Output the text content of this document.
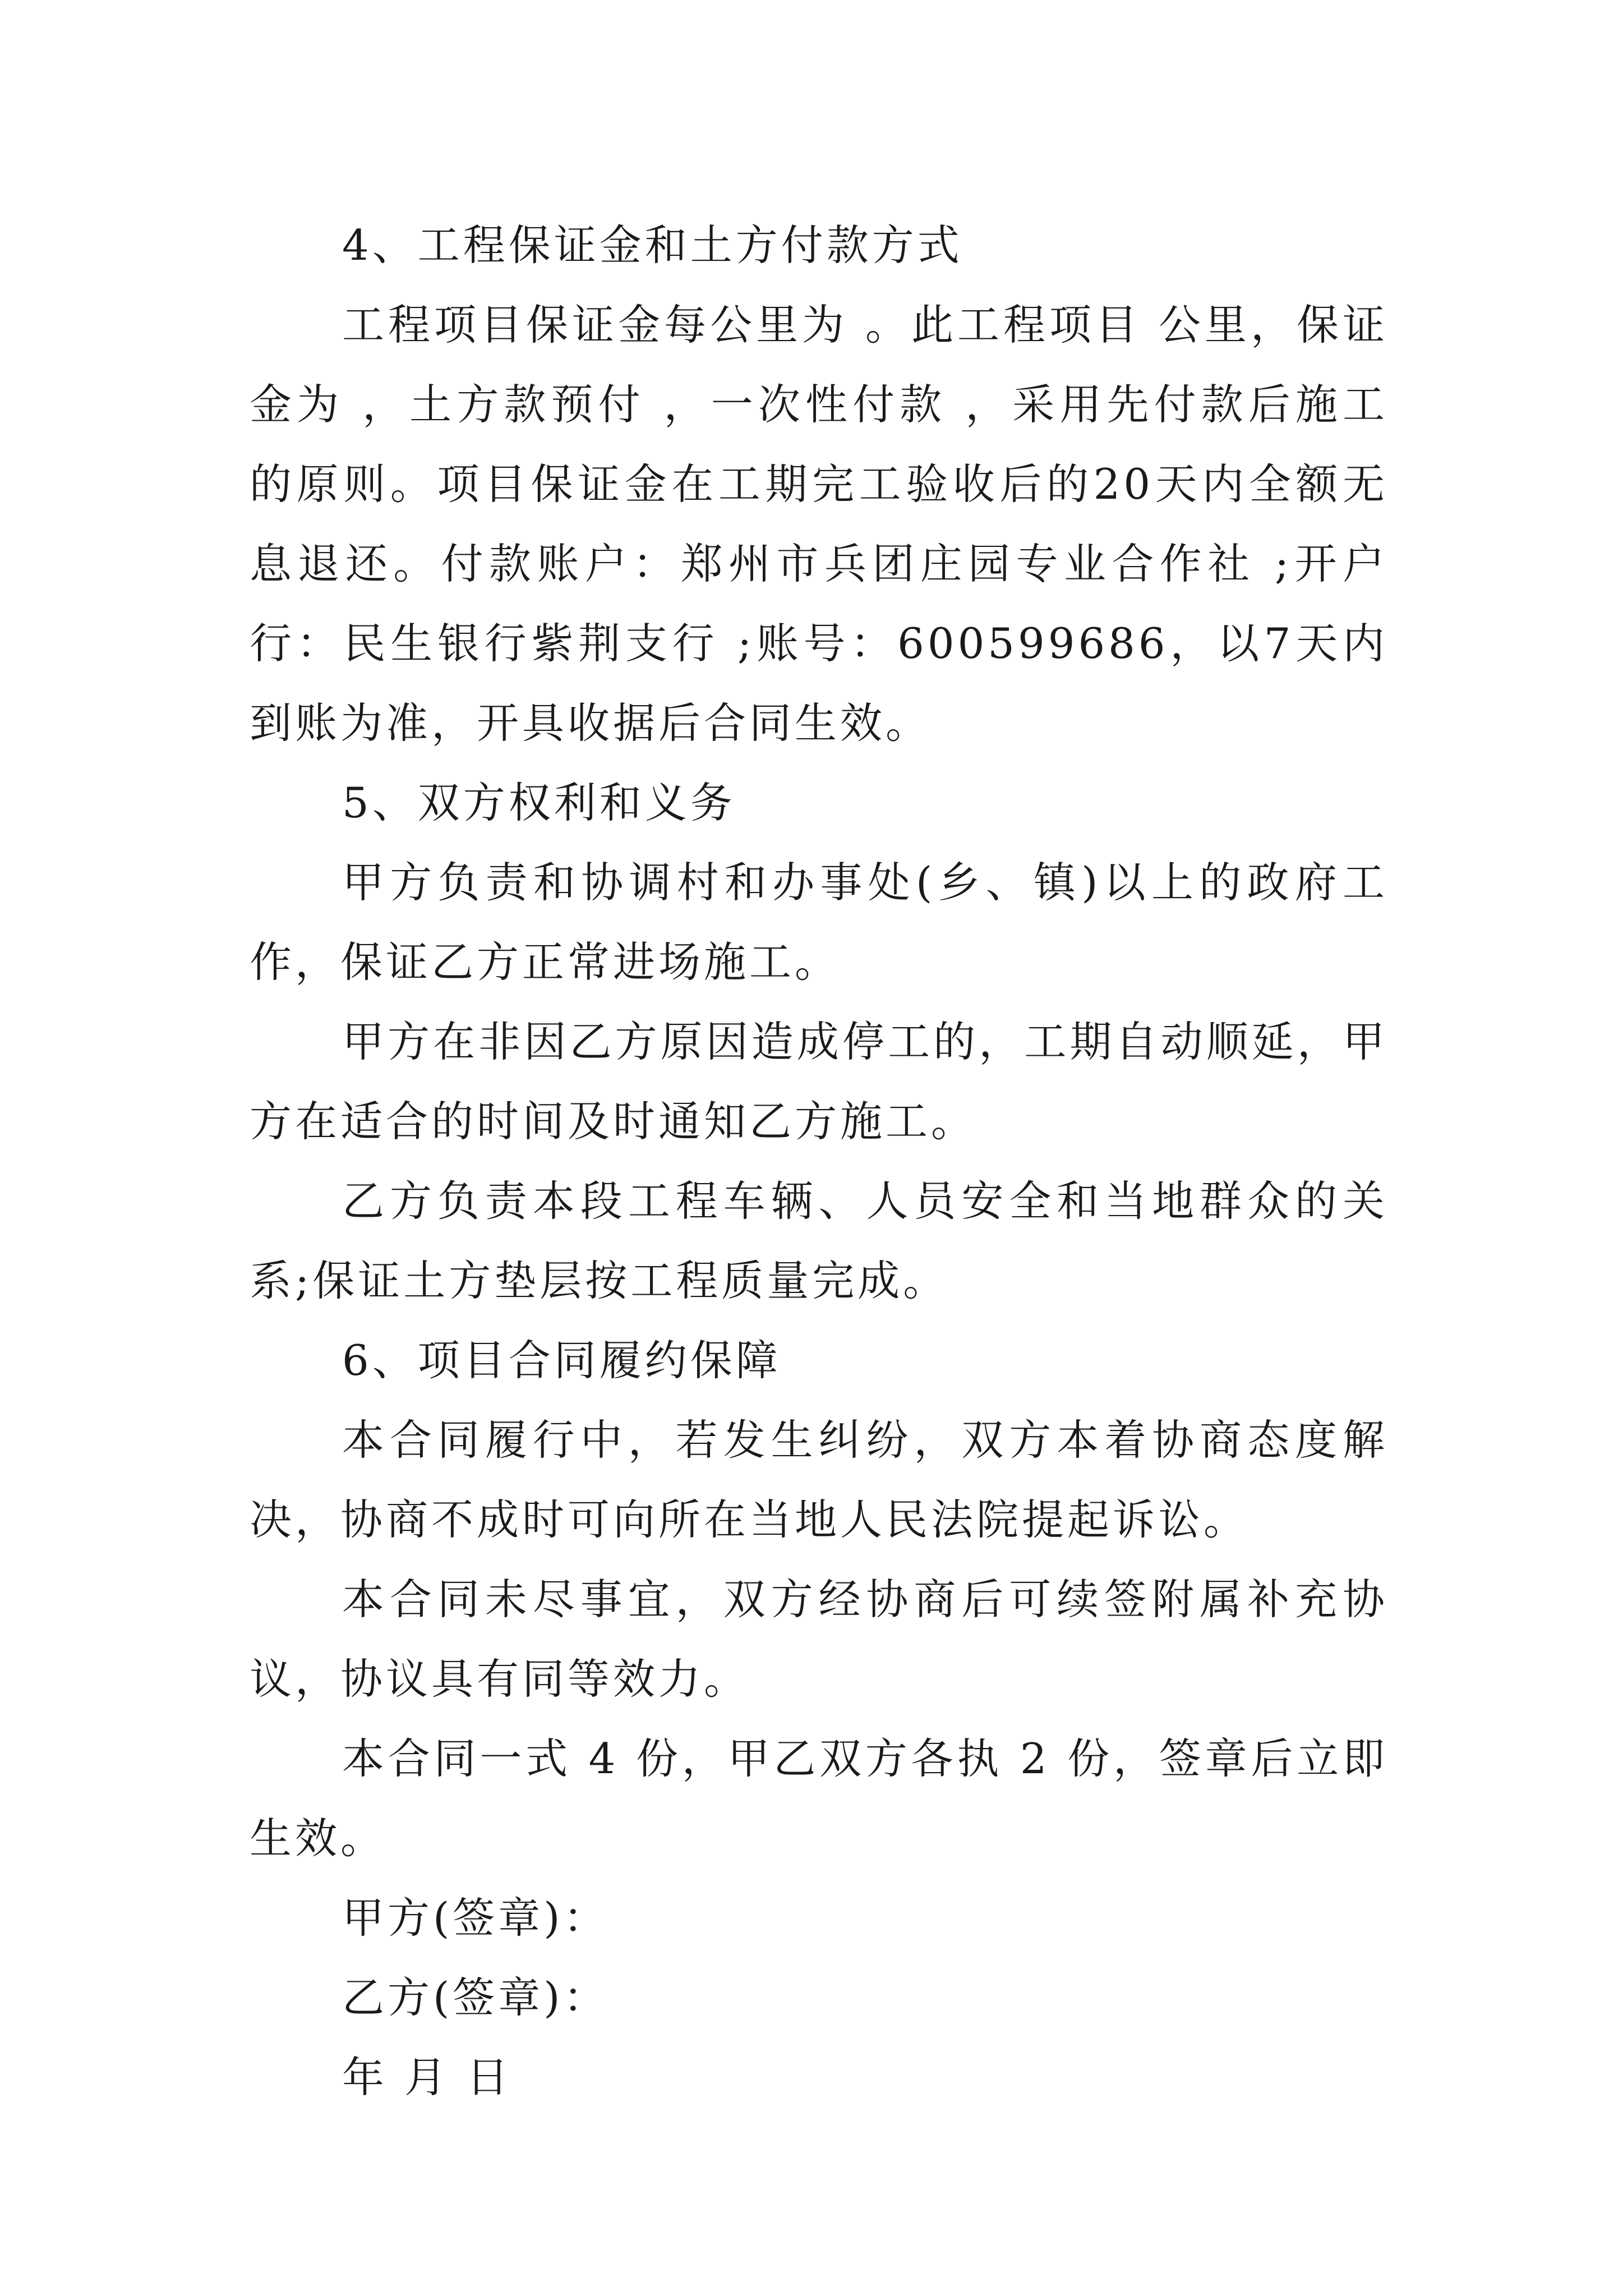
4、工程保证金和土方付款方式

工程项目保证金每公里为 。此工程项目 公里，保证金为 ，土方款预付 ，一次性付款 ，采用先付款后施工的原则。项目保证金在工期完工验收后的20天内全额无息退还。付款账户：郑州市兵团庄园专业合作社 ;开户行：民生银行紫荆支行 ;账号：600599686，以7天内到账为准，开具收据后合同生效。

5、双方权利和义务

甲方负责和协调村和办事处(乡、镇)以上的政府工作，保证乙方正常进场施工。

甲方在非因乙方原因造成停工的，工期自动顺延，甲方在适合的时间及时通知乙方施工。

乙方负责本段工程车辆、人员安全和当地群众的关系;保证土方垫层按工程质量完成。

6、项目合同履约保障

本合同履行中，若发生纠纷，双方本着协商态度解决，协商不成时可向所在当地人民法院提起诉讼。

本合同未尽事宜，双方经协商后可续签附属补充协议，协议具有同等效力。

本合同一式 4 份，甲乙双方各执 2 份，签章后立即生效。

甲方(签章)：

乙方(签章)：

年 月 日
